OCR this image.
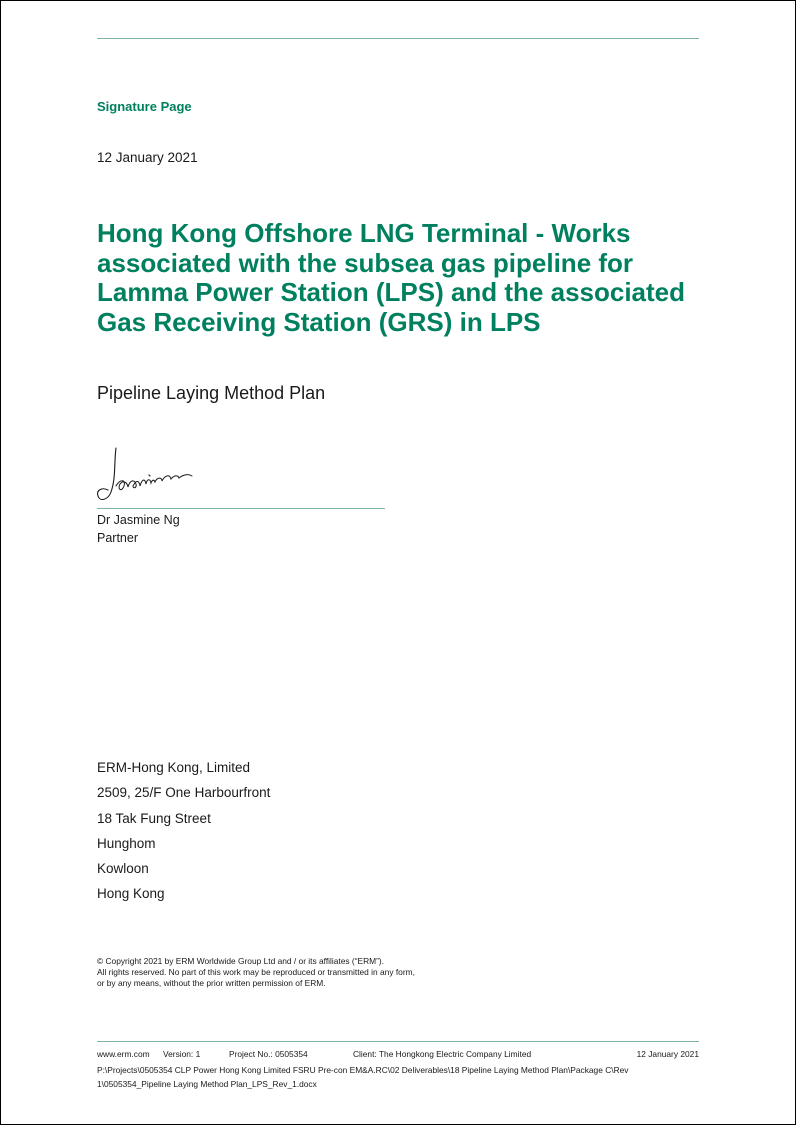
Signature Page
12 January 2021
Hong Kong Offshore LNG Terminal - Works associated with the subsea gas pipeline for Lamma Power Station (LPS) and the associated Gas Receiving Station (GRS) in LPS
Pipeline Laying Method Plan
Dr Jasmine Ng
Partner
ERM-Hong Kong, Limited
2509, 25/F One Harbourfront
18 Tak Fung Street
Hunghom
Kowloon
Hong Kong
© Copyright 2021 by ERM Worldwide Group Ltd and / or its affiliates (“ERM”).
All rights reserved. No part of this work may be reproduced or transmitted in any form,
or by any means, without the prior written permission of ERM.
www.erm.com Version: 1	Project No.: 0505354	Client: The Hongkong Electric Company Limited	12 January 2021
P:\Projects\0505354 CLP Power Hong Kong Limited FSRU Pre-con EM&A.RC\02 Deliverables\18 Pipeline Laying Method Plan\Package C\Rev 1\0505354_Pipeline Laying Method Plan_LPS_Rev_1.docx
